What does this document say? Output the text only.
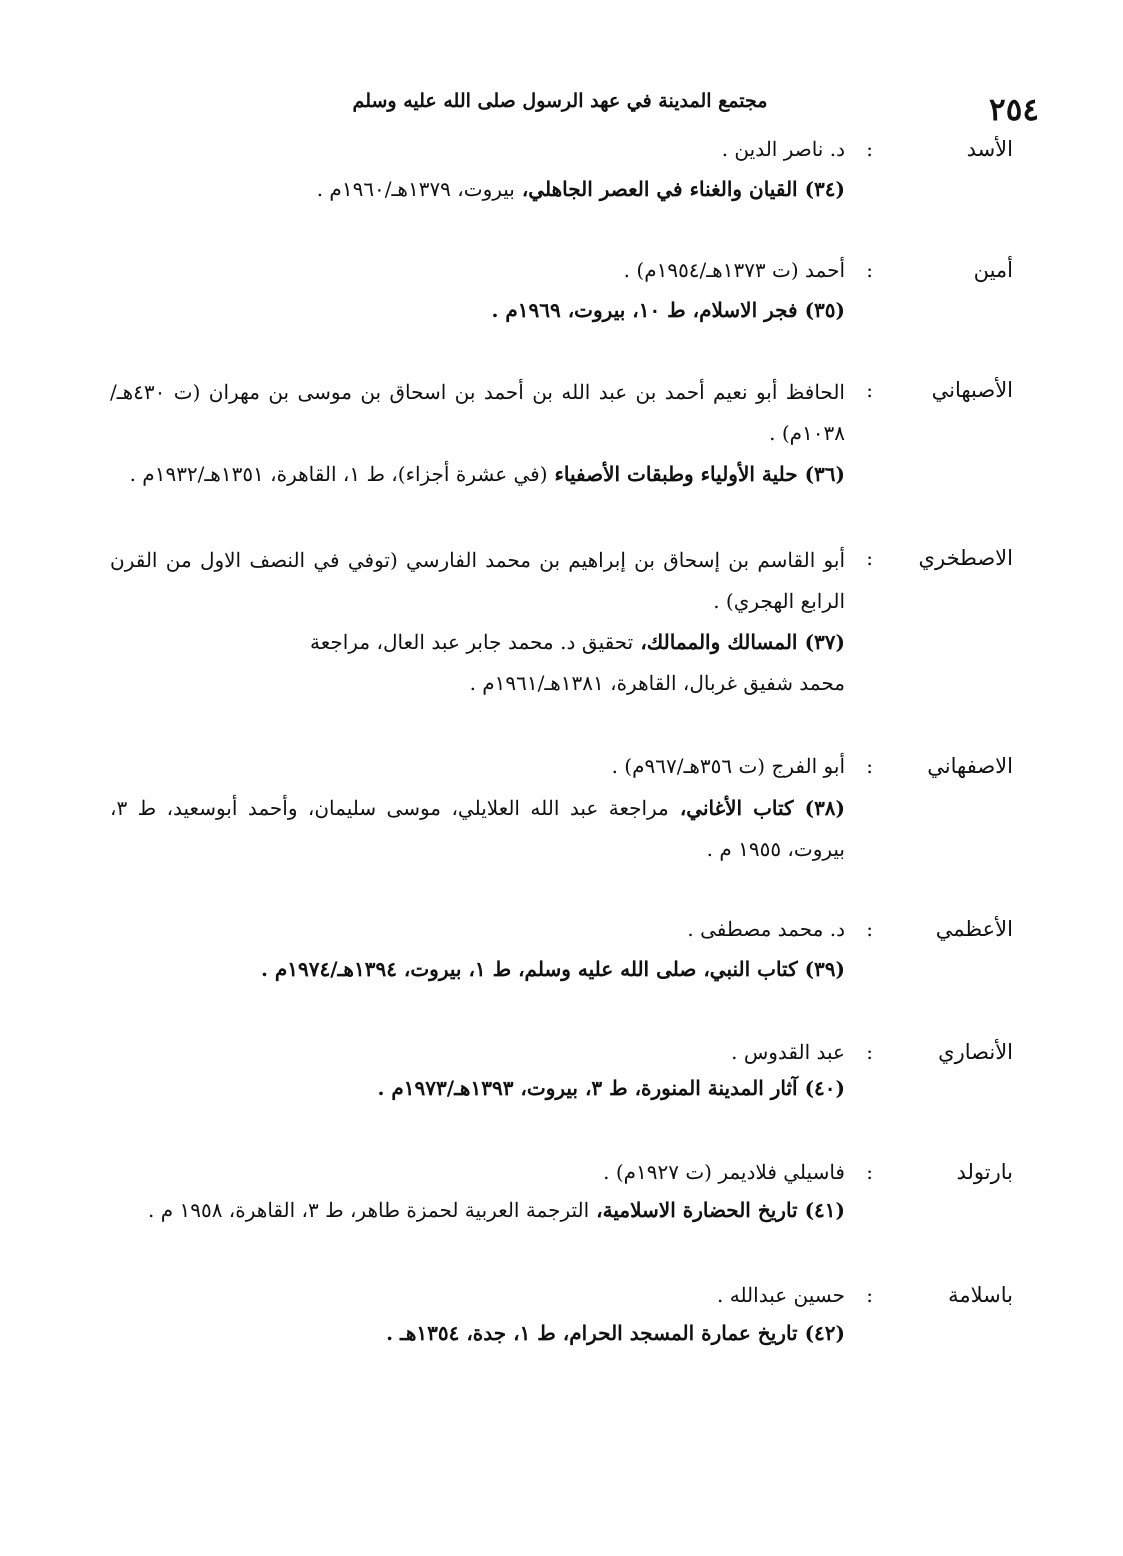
٢٥٤
مجتمع المدينة في عهد الرسول صلى الله عليه وسلم
الأسد
:
د. ناصر الدين .
(٣٤) القيان والغناء في العصر الجاهلي، بيروت، ١٣٧٩هـ/١٩٦٠م .
أمين
:
أحمد (ت ١٣٧٣هـ/١٩٥٤م) .
(٣٥) فجر الاسلام، ط ١٠، بيروت، ١٩٦٩م .
الأصبهاني
:
الحافظ أبو نعيم أحمد بن عبد الله بن أحمد بن اسحاق بن موسى بن مهران (ت ٤٣٠هـ/١٠٣٨م) .
(٣٦) حلية الأولياء وطبقات الأصفياء (في عشرة أجزاء)، ط ١، القاهرة، ١٣٥١هـ/١٩٣٢م .
الاصطخري
:
أبو القاسم بن إسحاق بن إبراهيم بن محمد الفارسي (توفي في النصف الاول من القرن الرابع الهجري) .
(٣٧) المسالك والممالك، تحقيق د. محمد جابر عبد العال، مراجعة محمد شفيق غربال، القاهرة، ١٣٨١هـ/١٩٦١م .
الاصفهاني
:
أبو الفرج (ت ٣٥٦هـ/٩٦٧م) .
(٣٨) كتاب الأغاني، مراجعة عبد الله العلايلي، موسى سليمان، وأحمد أبوسعيد، ط ٣، بيروت، ١٩٥٥ م .
الأعظمي
:
د. محمد مصطفى .
(٣٩) كتاب النبي، صلى الله عليه وسلم، ط ١، بيروت، ١٣٩٤هـ/١٩٧٤م .
الأنصاري
:
عبد القدوس .
(٤٠) آثار المدينة المنورة، ط ٣، بيروت، ١٣٩٣هـ/١٩٧٣م .
بارتولد
:
فاسيلي فلاديمر (ت ١٩٢٧م) .
(٤١) تاريخ الحضارة الاسلامية، الترجمة العربية لحمزة طاهر، ط ٣، القاهرة، ١٩٥٨ م .
باسلامة
:
حسين عبدالله .
(٤٢) تاريخ عمارة المسجد الحرام، ط ١، جدة، ١٣٥٤هـ .
